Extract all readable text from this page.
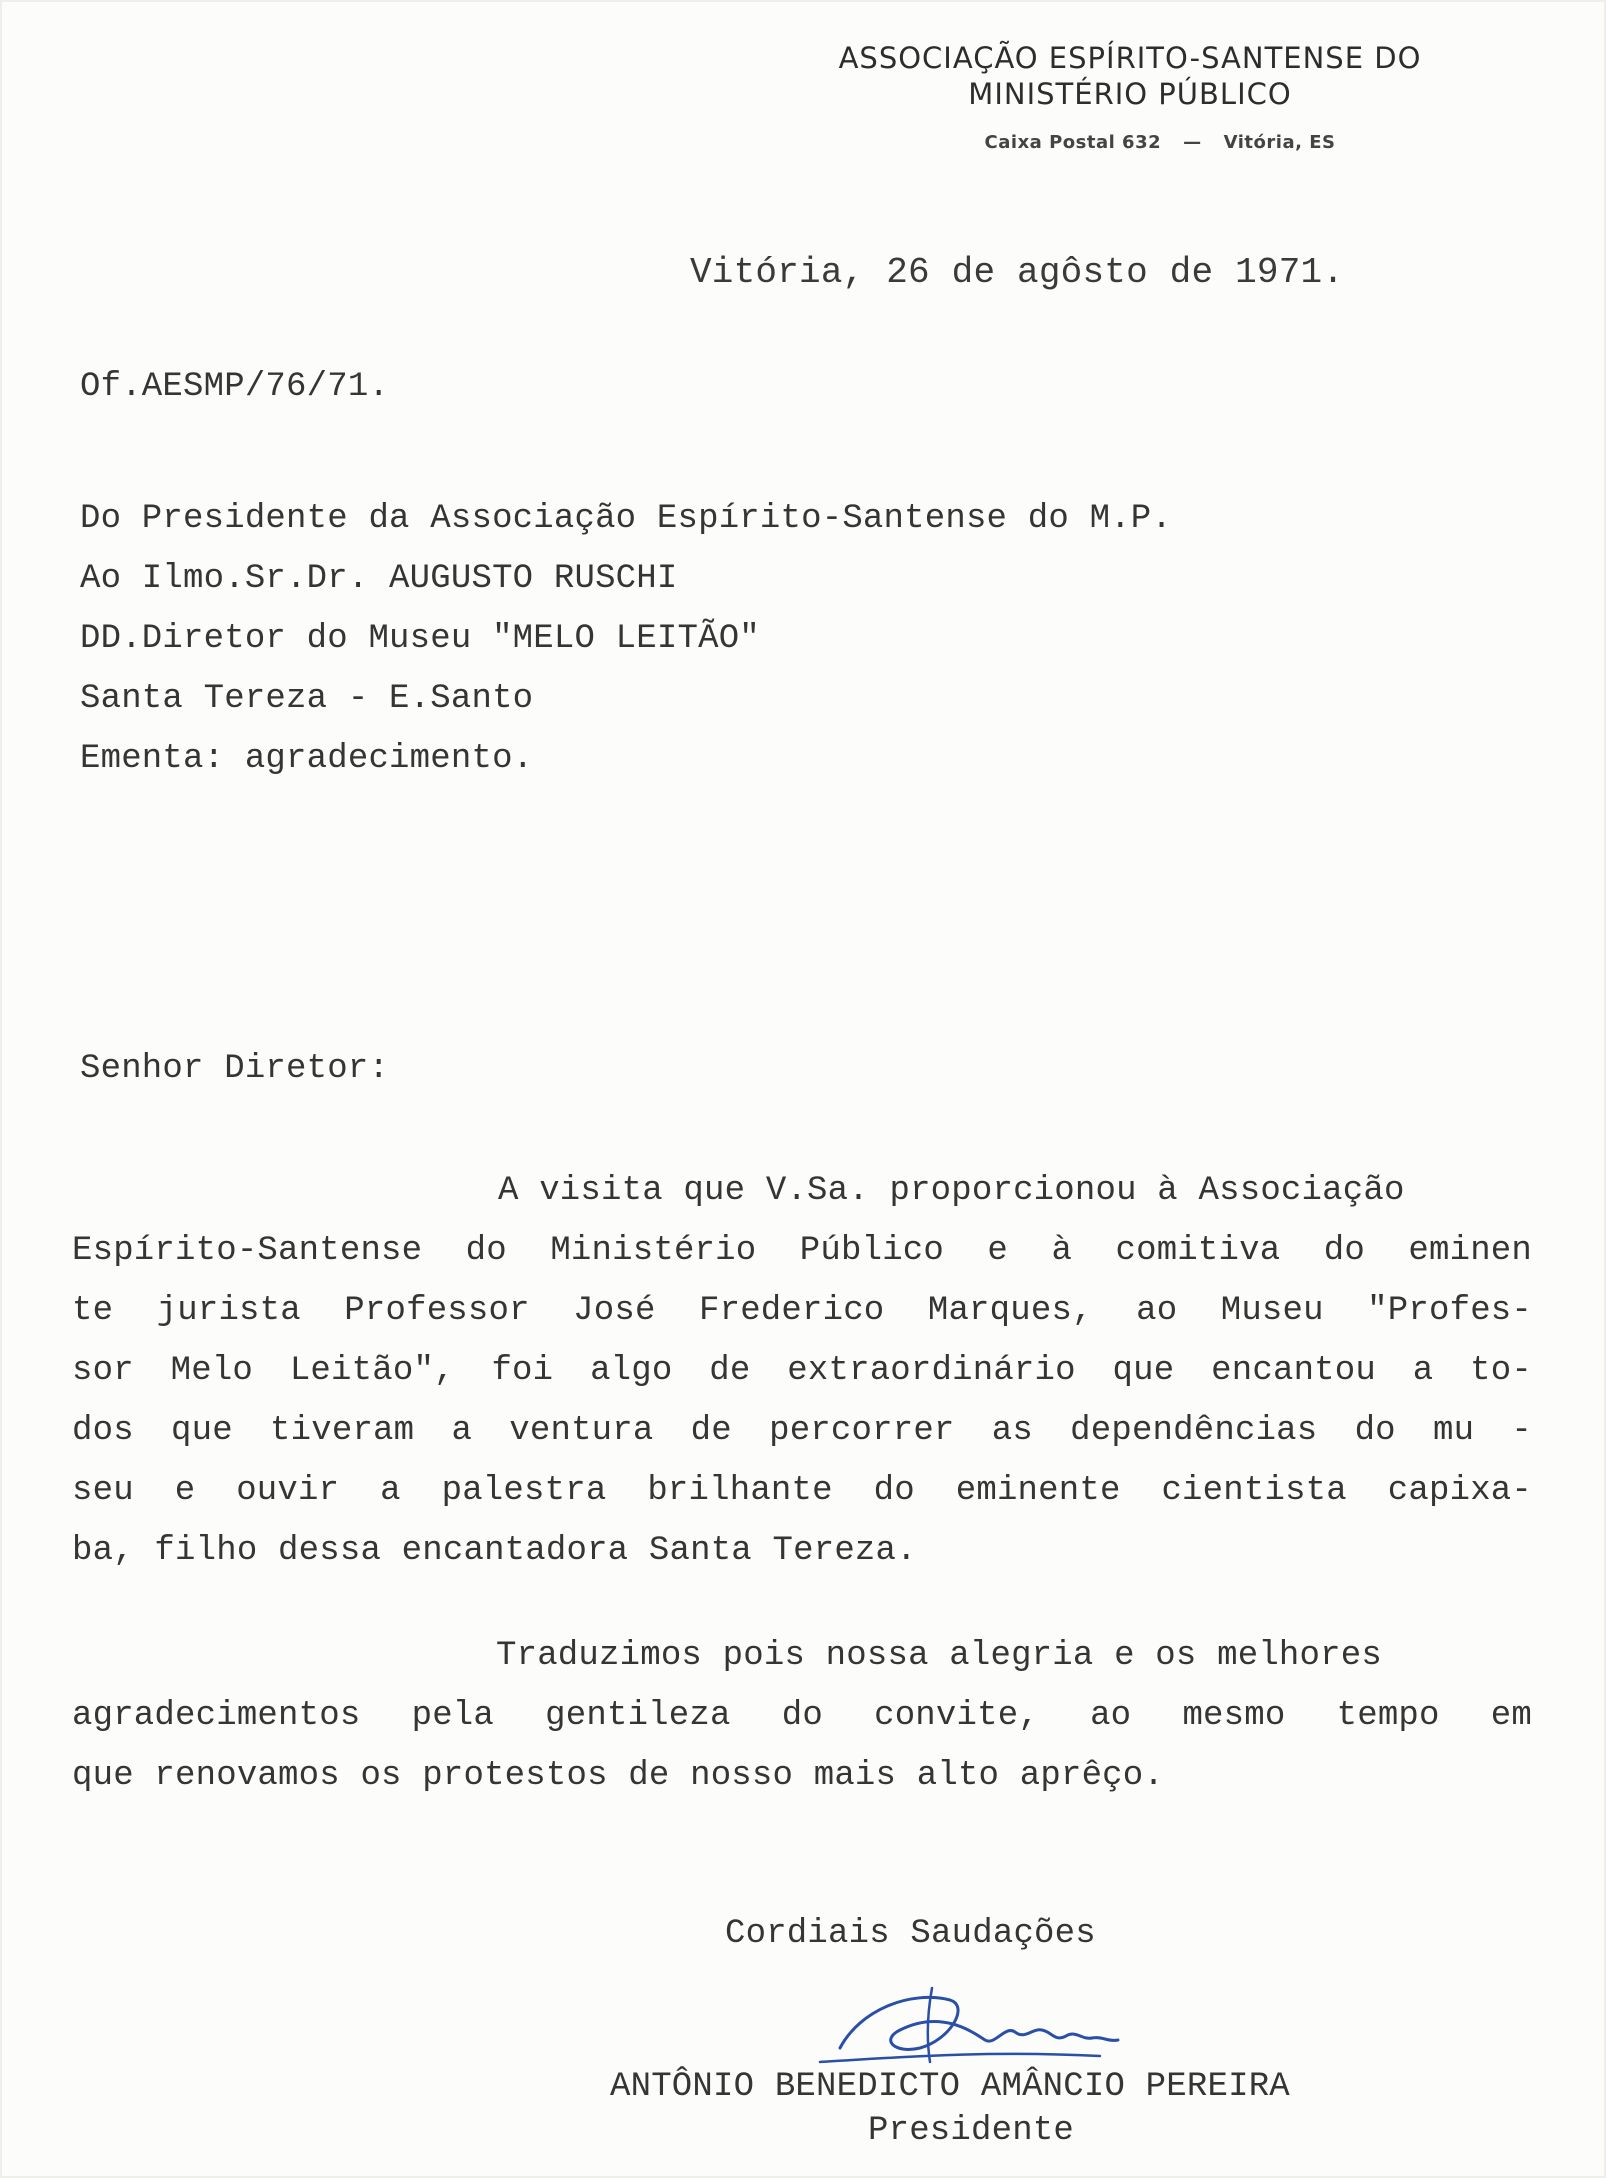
ASSOCIAÇÃO ESPÍRITO-SANTENSE DO
MINISTÉRIO PÚBLICO
Caixa Postal 632 — Vitória, ES
Vitória, 26 de agôsto de 1971.
Of.AESMP/76/71.
Do Presidente da Associação Espírito-Santense do M.P.
Ao Ilmo.Sr.Dr. AUGUSTO RUSCHI
DD.Diretor do Museu "MELO LEITÃO"
Santa Tereza - E.Santo
Ementa: agradecimento.
Senhor Diretor:
A visita que V.Sa. proporcionou à Associação
Espírito-Santense do Ministério Público e à comitiva do eminen
te jurista Professor José Frederico Marques, ao Museu "Profes-
sor Melo Leitão", foi algo de extraordinário que encantou a to-
dos que tiveram a ventura de percorrer as dependências do mu -
seu e ouvir a palestra brilhante do eminente cientista capixa-
ba, filho dessa encantadora Santa Tereza.
Traduzimos pois nossa alegria e os melhores
agradecimentos pela gentileza do convite, ao mesmo tempo em
que renovamos os protestos de nosso mais alto aprêço.
Cordiais Saudações
ANTÔNIO BENEDICTO AMÂNCIO PEREIRA
Presidente
